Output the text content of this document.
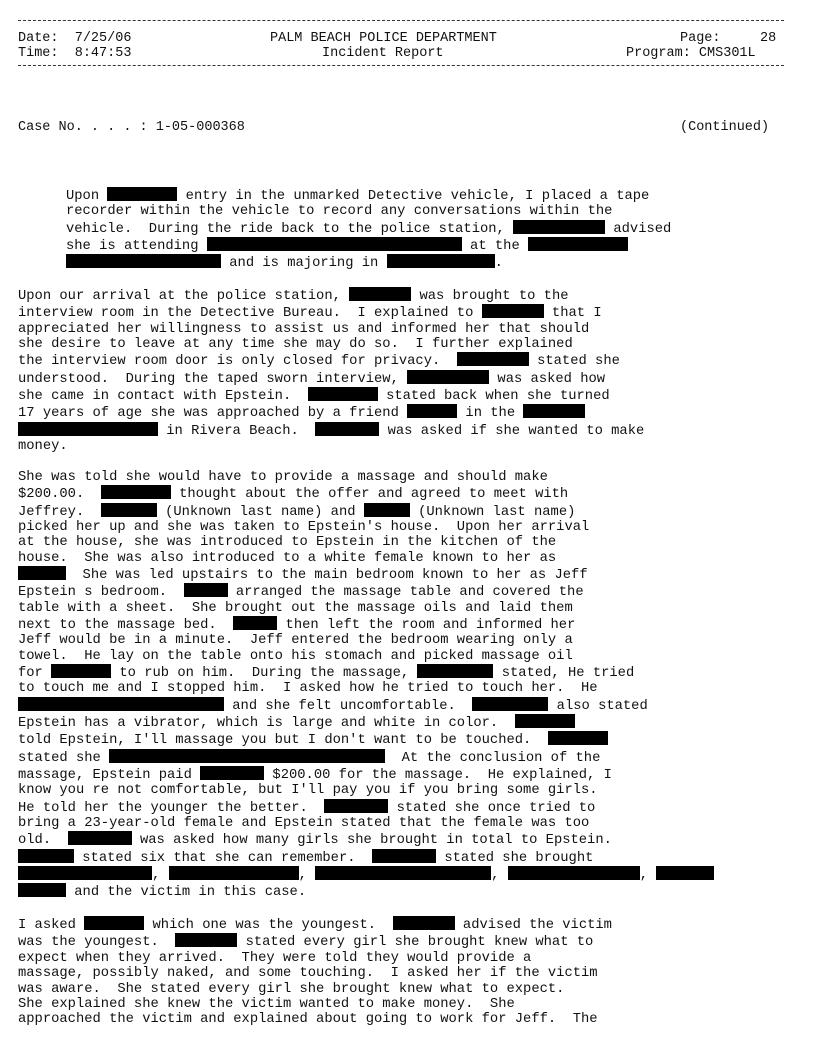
Date: 7/25/06
Time: 8:47:53
PALM BEACH POLICE DEPARTMENT
Incident Report
Page:	28
Program: CMS301L
Case No. . . . : 1-05-000368	(Continued)
Upon	entry in the unmarked Detective vehicle, I placed a tape
recorder within the vehicle to record any conversations within the
vehicle.  During the ride back to the police station,	advised
she is attending	at the
and is majoring in	.
Upon our arrival at the police station,	was brought to the
interview room in the Detective Bureau.  I explained to	that I
appreciated her willingness to assist us and informed her that should
she desire to leave at any time she may do so.  I further explained
the interview room door is only closed for privacy.	stated she
understood.  During the taped sworn interview,	was asked how
she came in contact with Epstein.	stated back when she turned
17 years of age she was approached by a friend	in the
in Rivera Beach.	was asked if she wanted to make
money.
She was told she would have to provide a massage and should make
$200.00.	thought about the offer and agreed to meet with
Jeffrey.	(Unknown last name) and	(Unknown last name)
picked her up and she was taken to Epstein's house.  Upon her arrival
at the house, she was introduced to Epstein in the kitchen of the
house.  She was also introduced to a white female known to her as
She was led upstairs to the main bedroom known to her as Jeff
Epstein s bedroom.	arranged the massage table and covered the
table with a sheet.  She brought out the massage oils and laid them
next to the massage bed.	then left the room and informed her
Jeff would be in a minute.  Jeff entered the bedroom wearing only a
towel.  He lay on the table onto his stomach and picked massage oil
for	to rub on him.  During the massage,	stated, He tried
to touch me and I stopped him.  I asked how he tried to touch her.  He
and she felt uncomfortable.	also stated
Epstein has a vibrator, which is large and white in color.
told Epstein, I'll massage you but I don't want to be touched.
stated she	At the conclusion of the
massage, Epstein paid	$200.00 for the massage.  He explained, I
know you re not comfortable, but I'll pay you if you bring some girls.
He told her the younger the better.	stated she once tried to
bring a 23-year-old female and Epstein stated that the female was too
old.	was asked how many girls she brought in total to Epstein.
stated six that she can remember.	stated she brought
,	,	,	,
and the victim in this case.
I asked	which one was the youngest.	advised the victim
was the youngest.	stated every girl she brought knew what to
expect when they arrived.  They were told they would provide a
massage, possibly naked, and some touching.  I asked her if the victim
was aware.  She stated every girl she brought knew what to expect.
She explained she knew the victim wanted to make money.  She
approached the victim and explained about going to work for Jeff.  The
